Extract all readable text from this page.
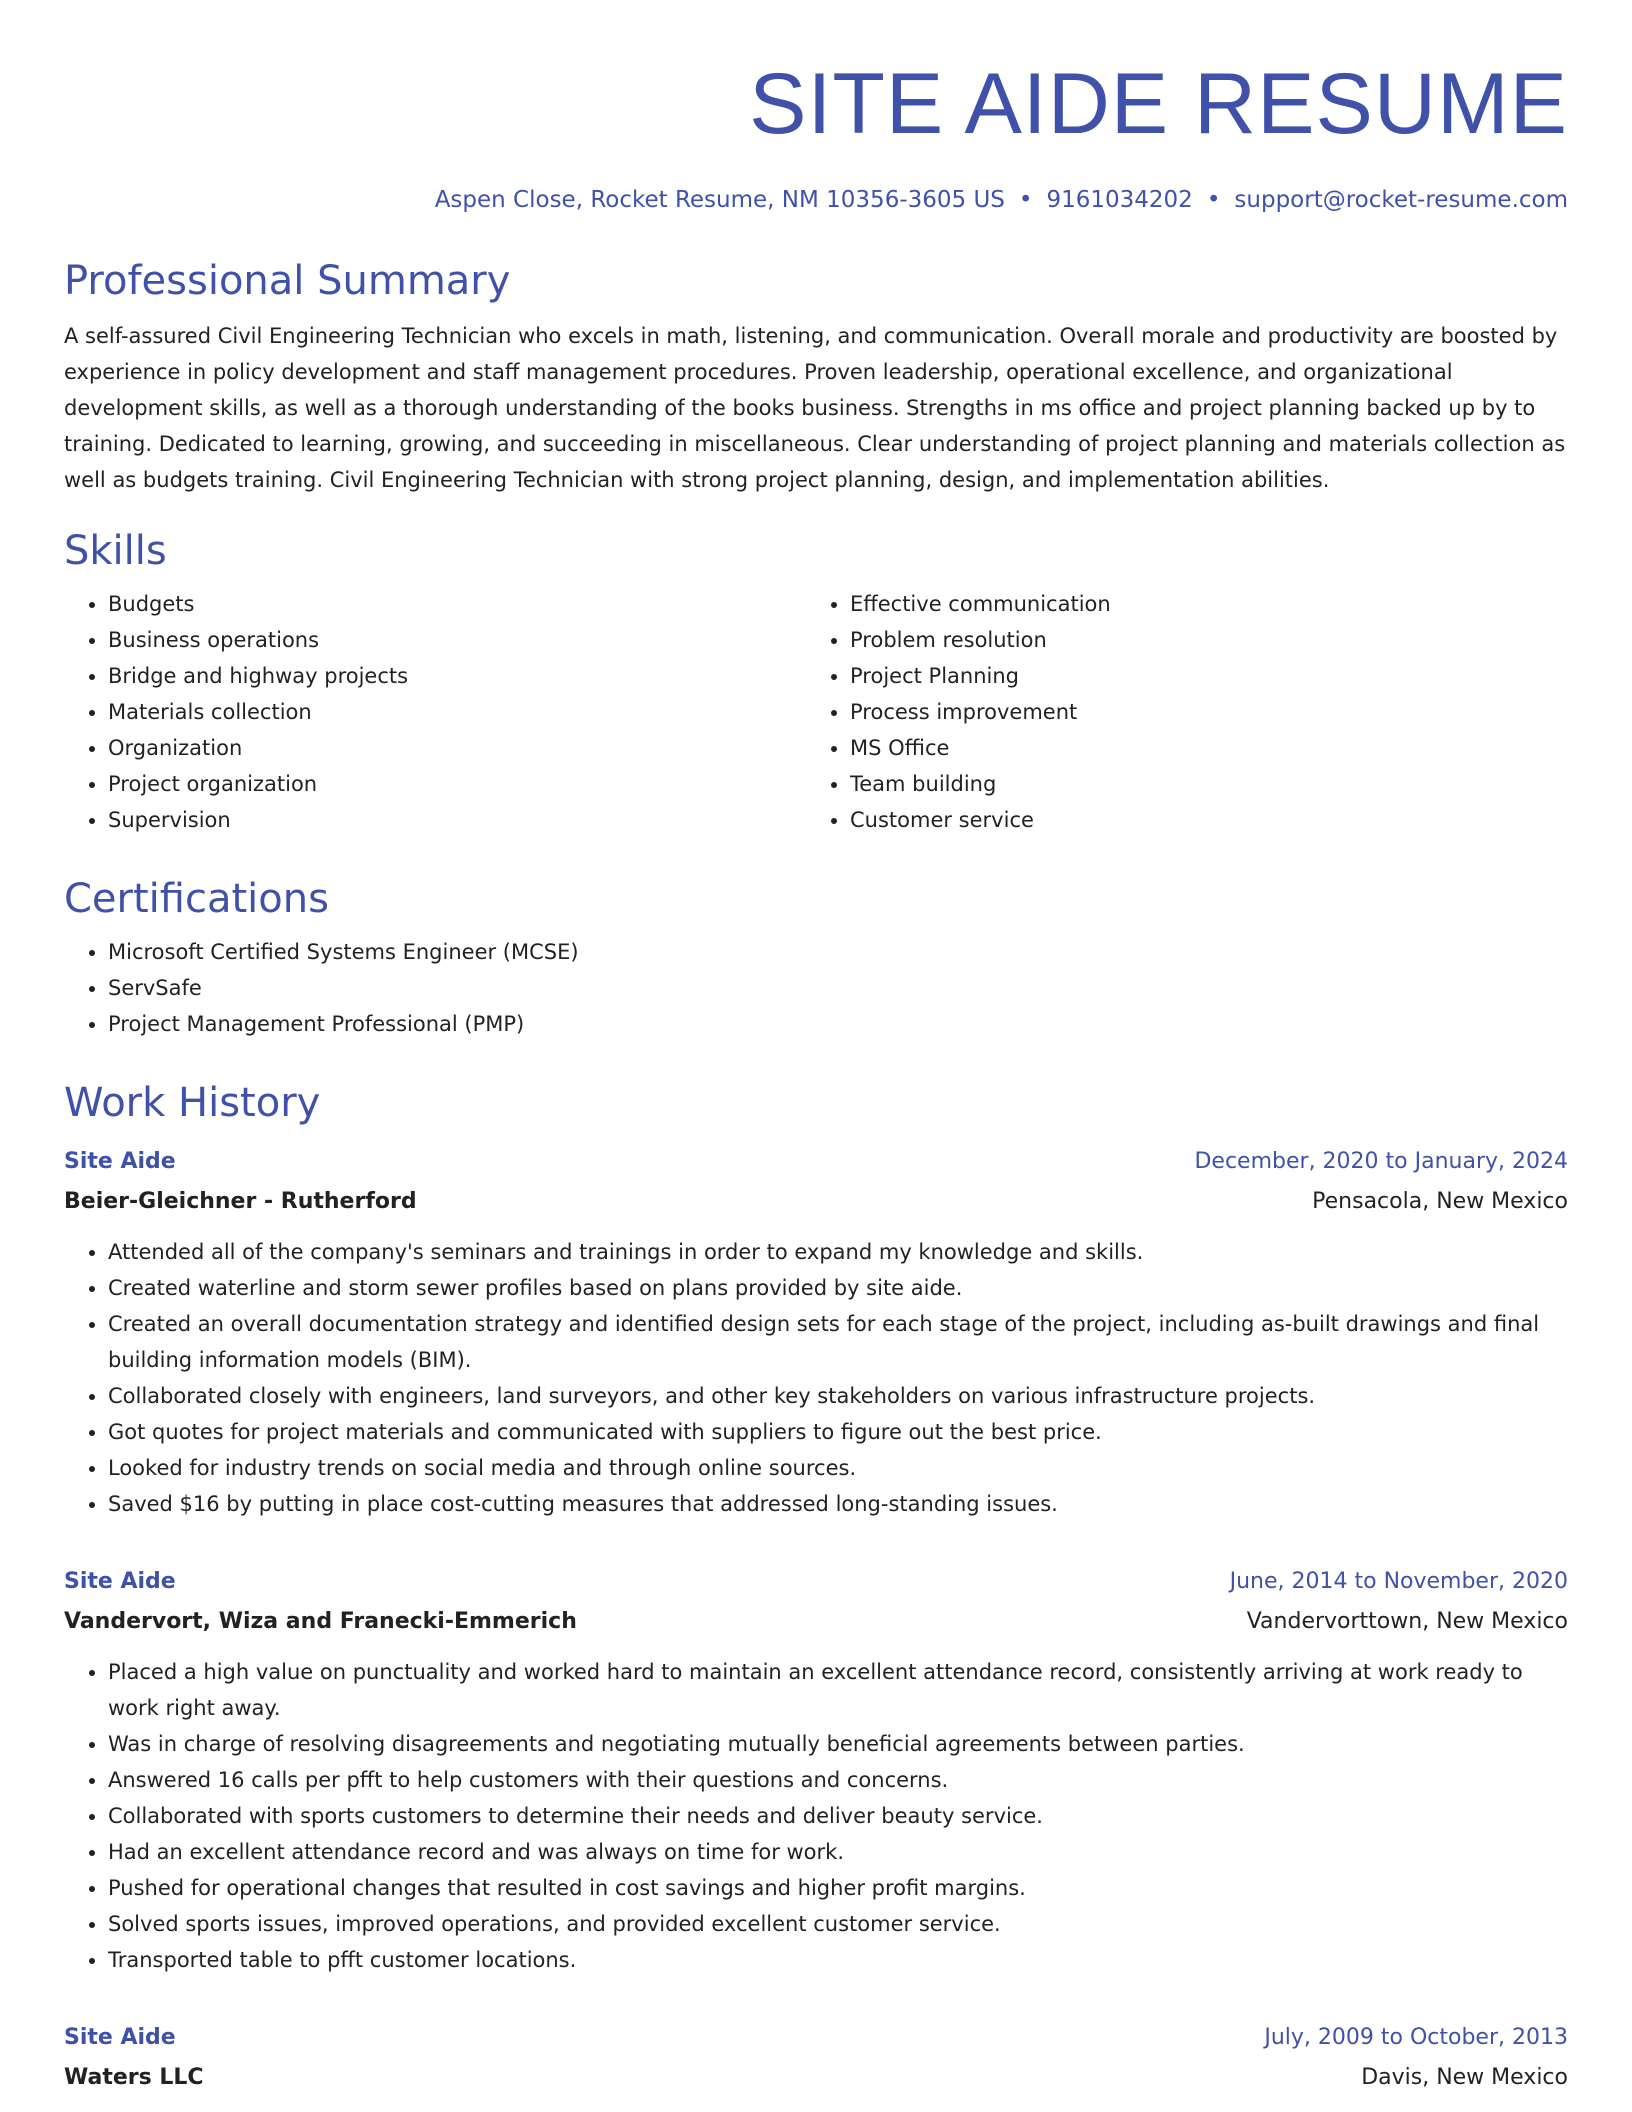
SITE AIDE RESUME
Aspen Close, Rocket Resume, NM 10356-3605 US • 9161034202 • support@rocket-resume.com
Professional Summary
A self-assured Civil Engineering Technician who excels in math, listening, and communication. Overall morale and productivity are boosted by experience in policy development and staff management procedures. Proven leadership, operational excellence, and organizational development skills, as well as a thorough understanding of the books business. Strengths in ms office and project planning backed up by to training. Dedicated to learning, growing, and succeeding in miscellaneous. Clear understanding of project planning and materials collection as well as budgets training. Civil Engineering Technician with strong project planning, design, and implementation abilities.
Skills
• Budgets
• Business operations
• Bridge and highway projects
• Materials collection
• Organization
• Project organization
• Supervision
• Effective communication
• Problem resolution
• Project Planning
• Process improvement
• MS Office
• Team building
• Customer service
Certifications
• Microsoft Certified Systems Engineer (MCSE)
• ServSafe
• Project Management Professional (PMP)
Work History
Site Aide	December, 2020 to January, 2024
Beier-Gleichner - Rutherford	Pensacola, New Mexico
• Attended all of the company's seminars and trainings in order to expand my knowledge and skills.
• Created waterline and storm sewer profiles based on plans provided by site aide.
• Created an overall documentation strategy and identified design sets for each stage of the project, including as-built drawings and final building information models (BIM).
• Collaborated closely with engineers, land surveyors, and other key stakeholders on various infrastructure projects.
• Got quotes for project materials and communicated with suppliers to figure out the best price.
• Looked for industry trends on social media and through online sources.
• Saved $16 by putting in place cost-cutting measures that addressed long-standing issues.
Site Aide	June, 2014 to November, 2020
Vandervort, Wiza and Franecki-Emmerich	Vandervorttown, New Mexico
• Placed a high value on punctuality and worked hard to maintain an excellent attendance record, consistently arriving at work ready to work right away.
• Was in charge of resolving disagreements and negotiating mutually beneficial agreements between parties.
• Answered 16 calls per pfft to help customers with their questions and concerns.
• Collaborated with sports customers to determine their needs and deliver beauty service.
• Had an excellent attendance record and was always on time for work.
• Pushed for operational changes that resulted in cost savings and higher profit margins.
• Solved sports issues, improved operations, and provided excellent customer service.
• Transported table to pfft customer locations.
Site Aide	July, 2009 to October, 2013
Waters LLC	Davis, New Mexico
